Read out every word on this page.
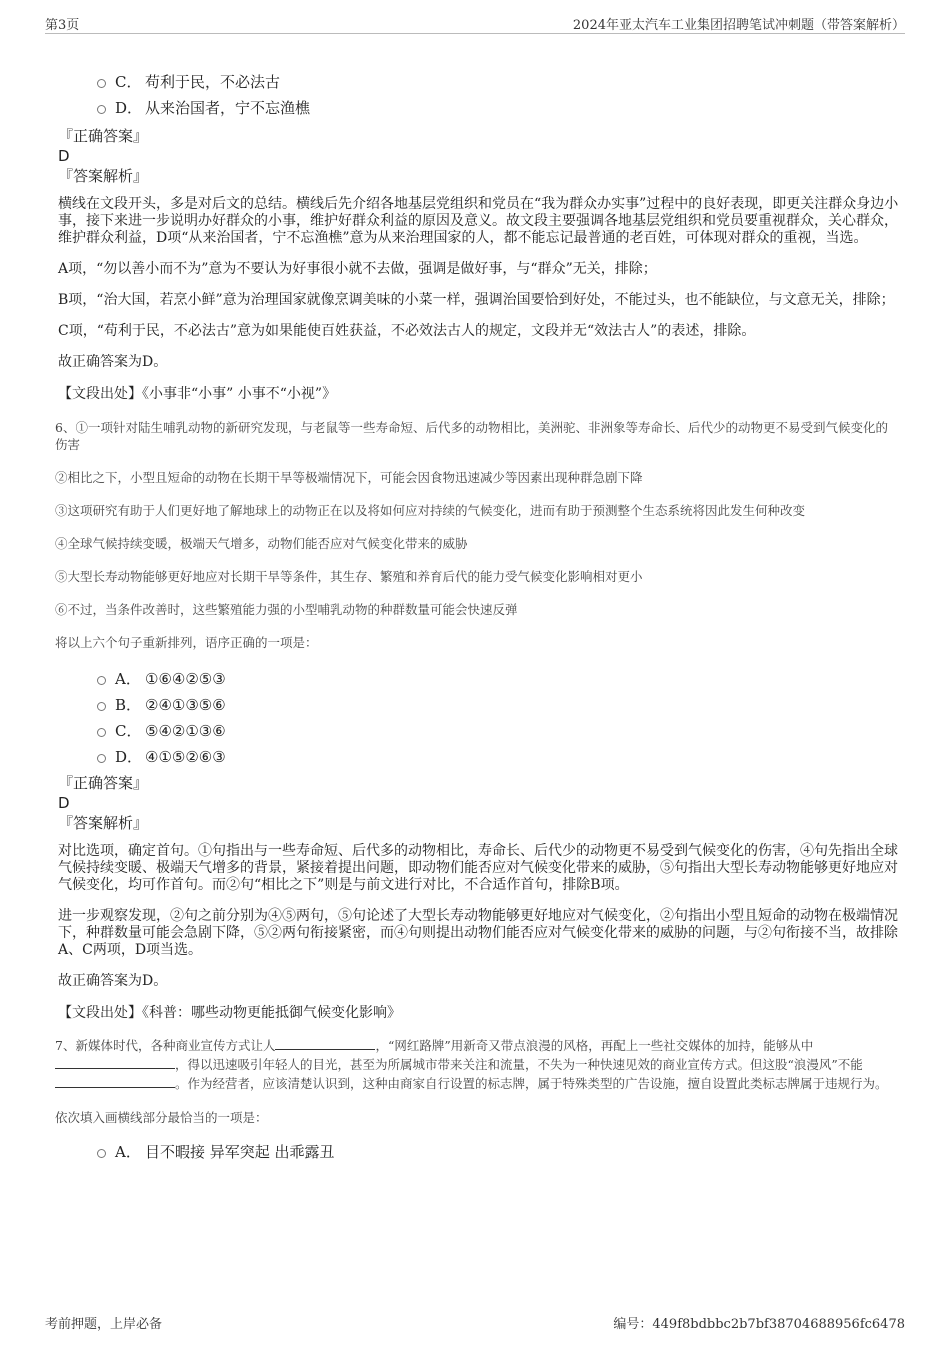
第3页	2024年亚太汽车工业集团招聘笔试冲刺题（带答案解析）
C． 苟利于民，不必法古
D． 从来治国者，宁不忘渔樵
『正确答案』
D
『答案解析』
横线在文段开头，多是对后文的总结。横线后先介绍各地基层党组织和党员在“我为群众办实事”过程中的良好表现，即更关注群众身边小事，接下来进一步说明办好群众的小事，维护好群众利益的原因及意义。故文段主要强调各地基层党组织和党员要重视群众，关心群众，维护群众利益，D项“从来治国者，宁不忘渔樵”意为从来治理国家的人，都不能忘记最普通的老百姓，可体现对群众的重视，当选。
A项，“勿以善小而不为”意为不要认为好事很小就不去做，强调是做好事，与“群众”无关，排除；
B项，“治大国，若烹小鲜”意为治理国家就像烹调美味的小菜一样，强调治国要恰到好处，不能过头，也不能缺位，与文意无关，排除；
C项，“苟利于民，不必法古”意为如果能使百姓获益，不必效法古人的规定，文段并无“效法古人”的表述，排除。
故正确答案为D。
【文段出处】《小事非“小事” 小事不“小视”》
6、①一项针对陆生哺乳动物的新研究发现，与老鼠等一些寿命短、后代多的动物相比，美洲驼、非洲象等寿命长、后代少的动物更不易受到气候变化的伤害
②相比之下，小型且短命的动物在长期干旱等极端情况下，可能会因食物迅速减少等因素出现种群急剧下降
③这项研究有助于人们更好地了解地球上的动物正在以及将如何应对持续的气候变化，进而有助于预测整个生态系统将因此发生何种改变
④全球气候持续变暖，极端天气增多，动物们能否应对气候变化带来的威胁
⑤大型长寿动物能够更好地应对长期干旱等条件，其生存、繁殖和养育后代的能力受气候变化影响相对更小
⑥不过，当条件改善时，这些繁殖能力强的小型哺乳动物的种群数量可能会快速反弹
将以上六个句子重新排列，语序正确的一项是：
A． ①⑥④②⑤③
B． ②④①③⑤⑥
C． ⑤④②①③⑥
D． ④①⑤②⑥③
『正确答案』
D
『答案解析』
对比选项，确定首句。①句指出与一些寿命短、后代多的动物相比，寿命长、后代少的动物更不易受到气候变化的伤害，④句先指出全球气候持续变暖、极端天气增多的背景，紧接着提出问题，即动物们能否应对气候变化带来的威胁，⑤句指出大型长寿动物能够更好地应对气候变化，均可作首句。而②句“相比之下”则是与前文进行对比，不合适作首句，排除B项。
进一步观察发现，②句之前分别为④⑤两句，⑤句论述了大型长寿动物能够更好地应对气候变化，②句指出小型且短命的动物在极端情况下，种群数量可能会急剧下降，⑤②两句衔接紧密，而④句则提出动物们能否应对气候变化带来的威胁的问题，与②句衔接不当，故排除A、C两项，D项当选。
故正确答案为D。
【文段出处】《科普：哪些动物更能抵御气候变化影响》
7、新媒体时代，各种商业宣传方式让人	，“网红路牌”用新奇又带点浪漫的风格，再配上一些社交媒体的加持，能够从中，得以迅速吸引年轻人的目光，甚至为所属城市带来关注和流量，不失为一种快速见效的商业宣传方式。但这股“浪漫风”不能。作为经营者，应该清楚认识到，这种由商家自行设置的标志牌，属于特殊类型的广告设施，擅自设置此类标志牌属于违规行为。
依次填入画横线部分最恰当的一项是：
A． 目不暇接 异军突起 出乖露丑
考前押题，上岸必备	编号：449f8bdbbc2b7bf38704688956fc6478
